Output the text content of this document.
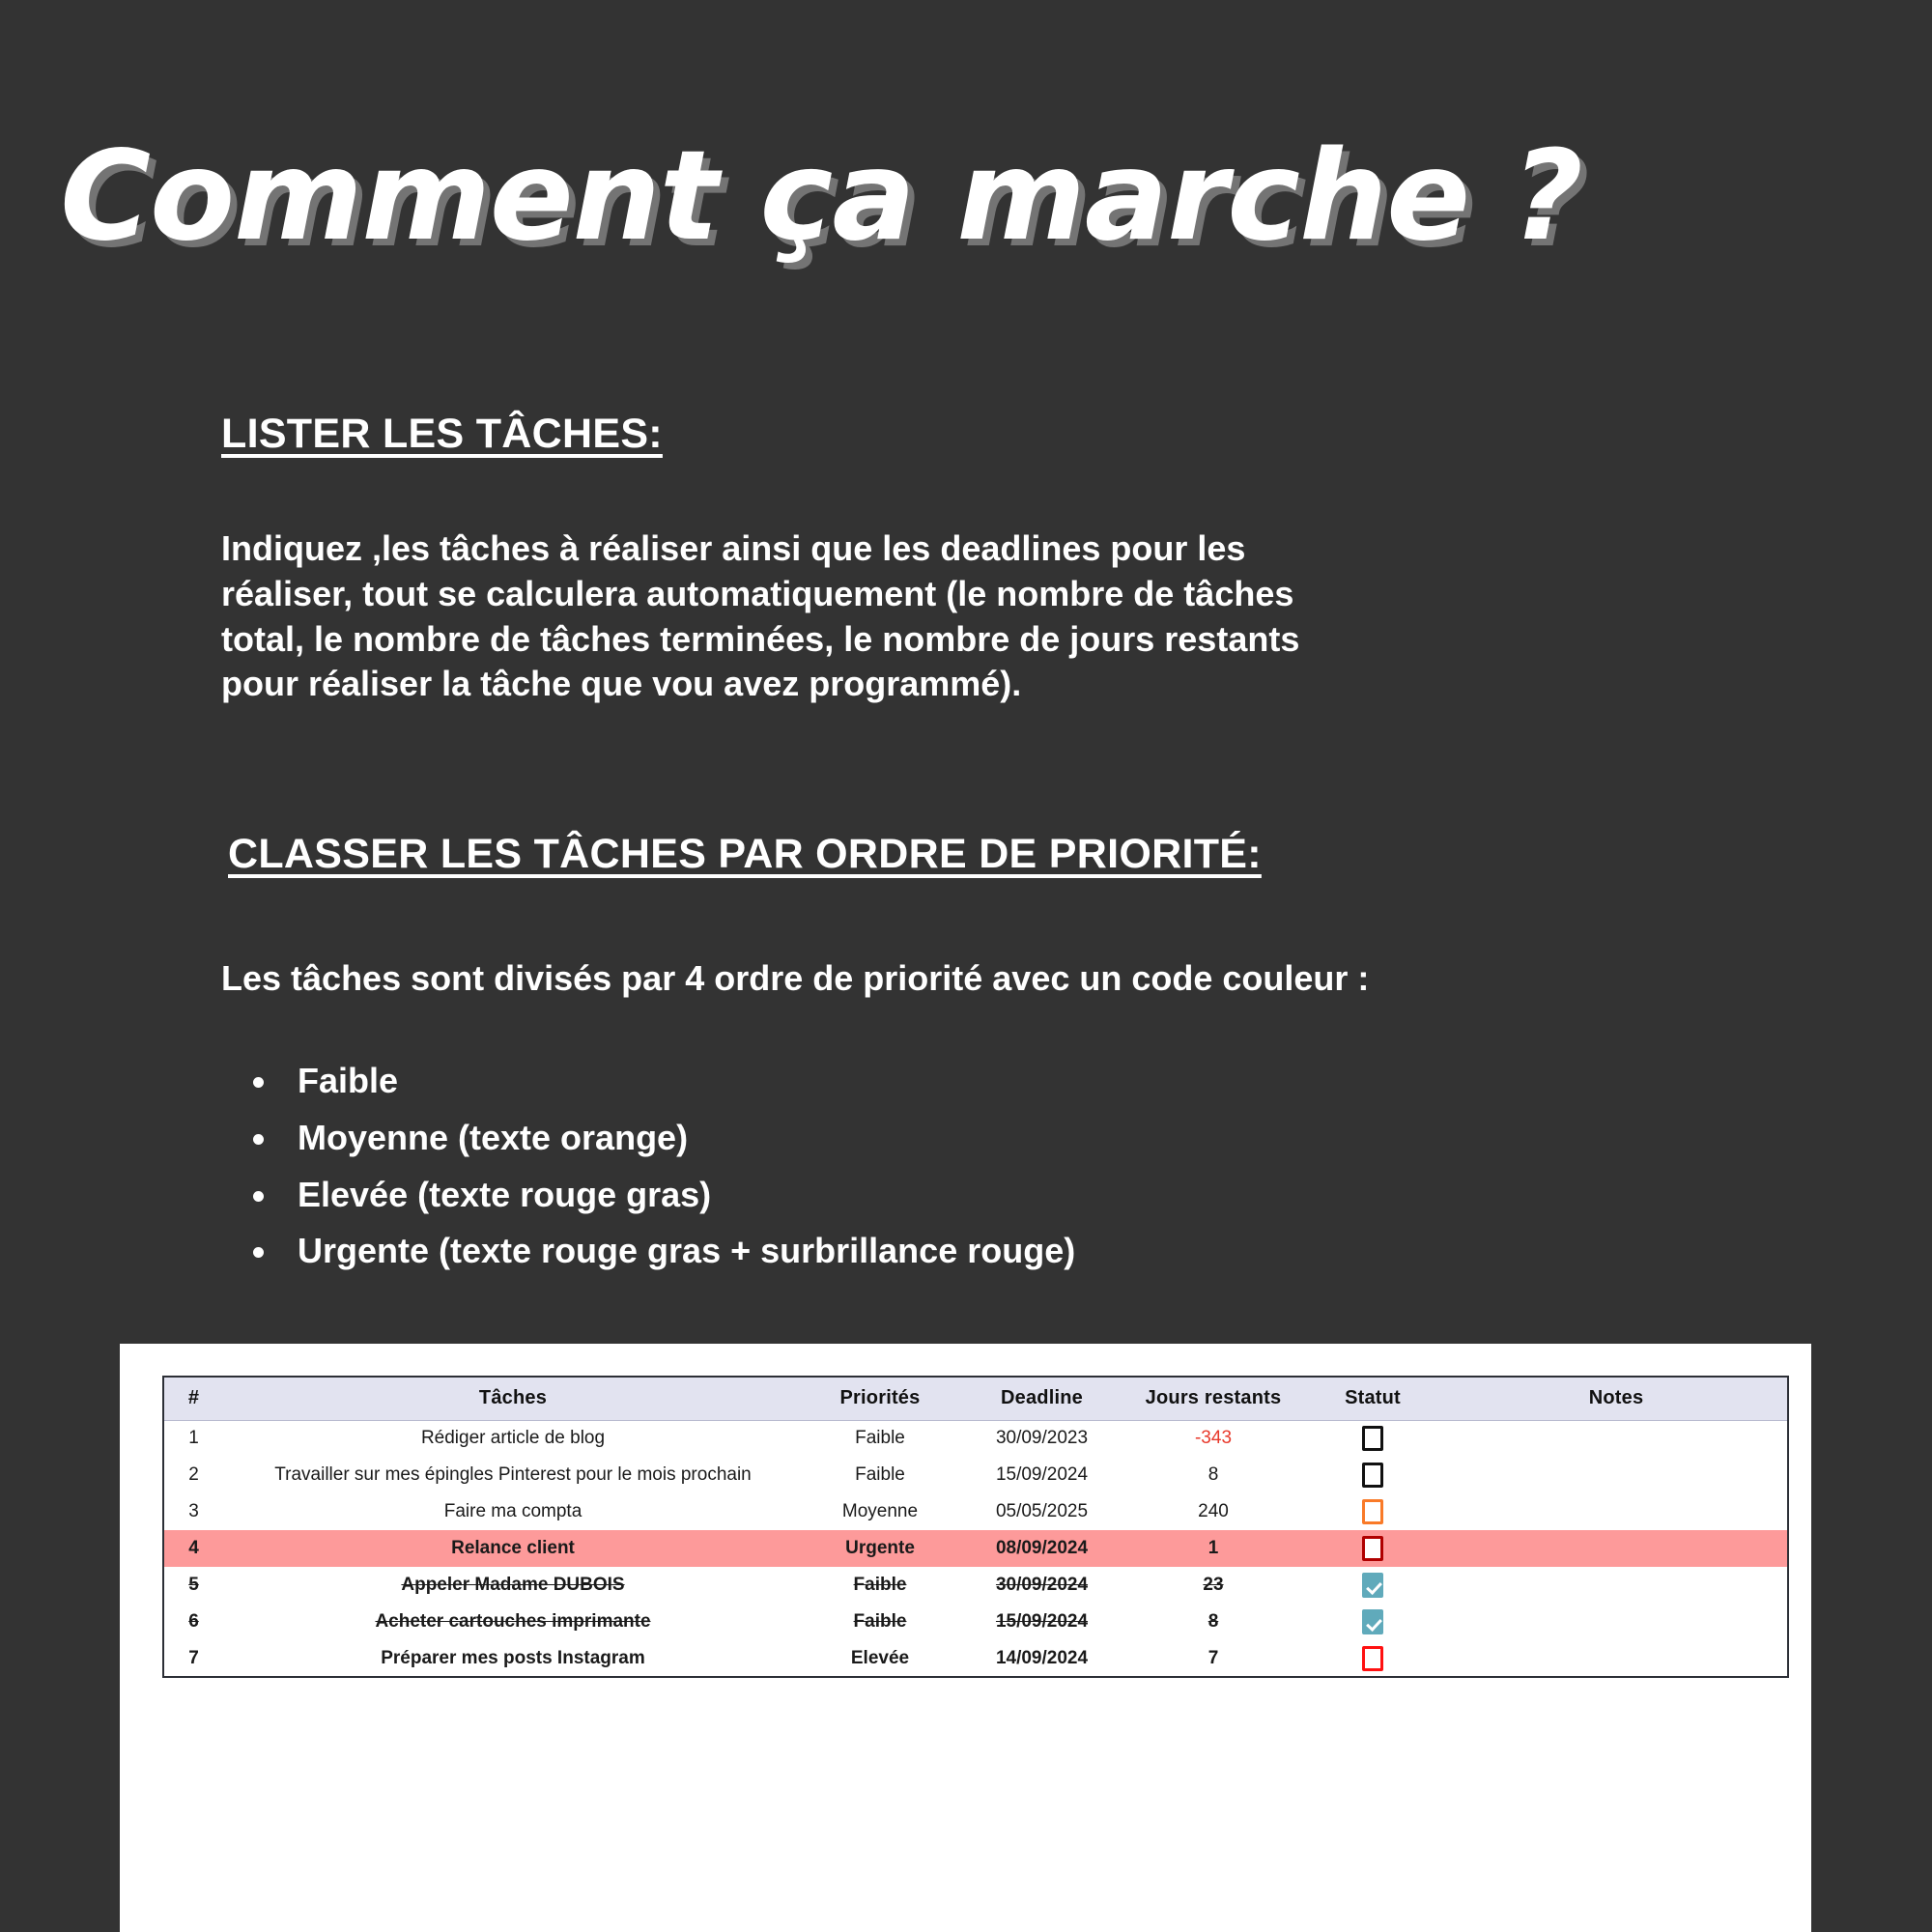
Comment ça marche ?
LISTER LES TÂCHES:

Indiquez ,les tâches à réaliser ainsi que les deadlines pour les réaliser, tout se calculera automatiquement (le nombre de tâches total, le nombre de tâches terminées, le nombre de jours restants pour réaliser la tâche que vou avez programmé).

CLASSER LES TÂCHES PAR ORDRE DE PRIORITÉ:

Les tâches sont divisés par 4 ordre de priorité avec un code couleur :

Faible
Moyenne (texte orange)
Elevée (texte rouge gras)
Urgente (texte rouge gras + surbrillance rouge)
#	Tâches	Priorités	Deadline	Jours restants	Statut	Notes
1	Rédiger article de blog	Faible	30/09/2023	-343		
2	Travailler sur mes épingles Pinterest pour le mois prochain	Faible	15/09/2024	8		
3	Faire ma compta	Moyenne	05/05/2025	240		
4	Relance client	Urgente	08/09/2024	1		
5	Appeler Madame DUBOIS	Faible	30/09/2024	23		
6	Acheter cartouches imprimante	Faible	15/09/2024	8		
7	Préparer mes posts Instagram	Elevée	14/09/2024	7		
